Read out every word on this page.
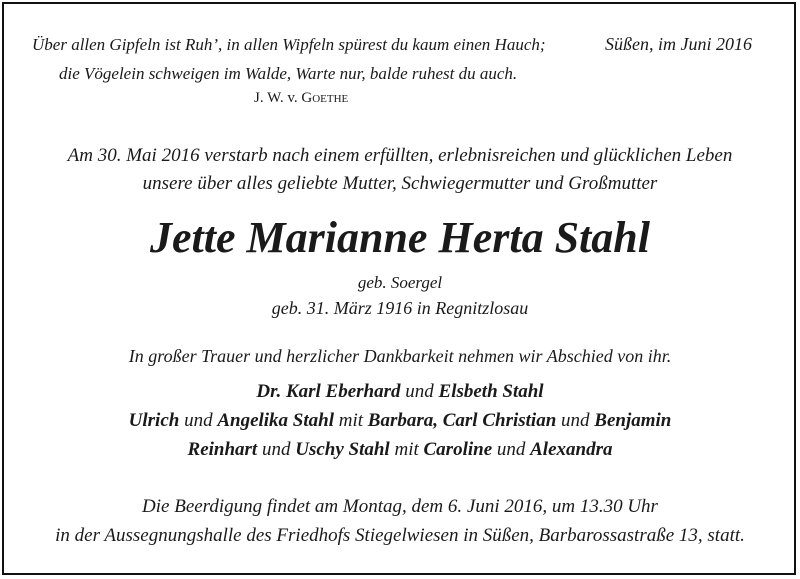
Über allen Gipfeln ist Ruh’, in allen Wipfeln spürest du kaum einen Hauch;
die Vögelein schweigen im Walde, Warte nur, balde ruhest du auch.
J. W. v. Goethe
Süßen, im Juni 2016
Am 30. Mai 2016 verstarb nach einem erfüllten, erlebnisreichen und glücklichen Leben
unsere über alles geliebte Mutter, Schwiegermutter und Großmutter
Jette Marianne Herta Stahl
geb. Soergel
geb. 31. März 1916 in Regnitzlosau
In großer Trauer und herzlicher Dankbarkeit nehmen wir Abschied von ihr.
Dr. Karl Eberhard und Elsbeth Stahl
Ulrich und Angelika Stahl mit Barbara, Carl Christian und Benjamin
Reinhart und Uschy Stahl mit Caroline und Alexandra
Die Beerdigung findet am Montag, dem 6. Juni 2016, um 13.30 Uhr
in der Aussegnungshalle des Friedhofs Stiegelwiesen in Süßen, Barbarossastraße 13, statt.
